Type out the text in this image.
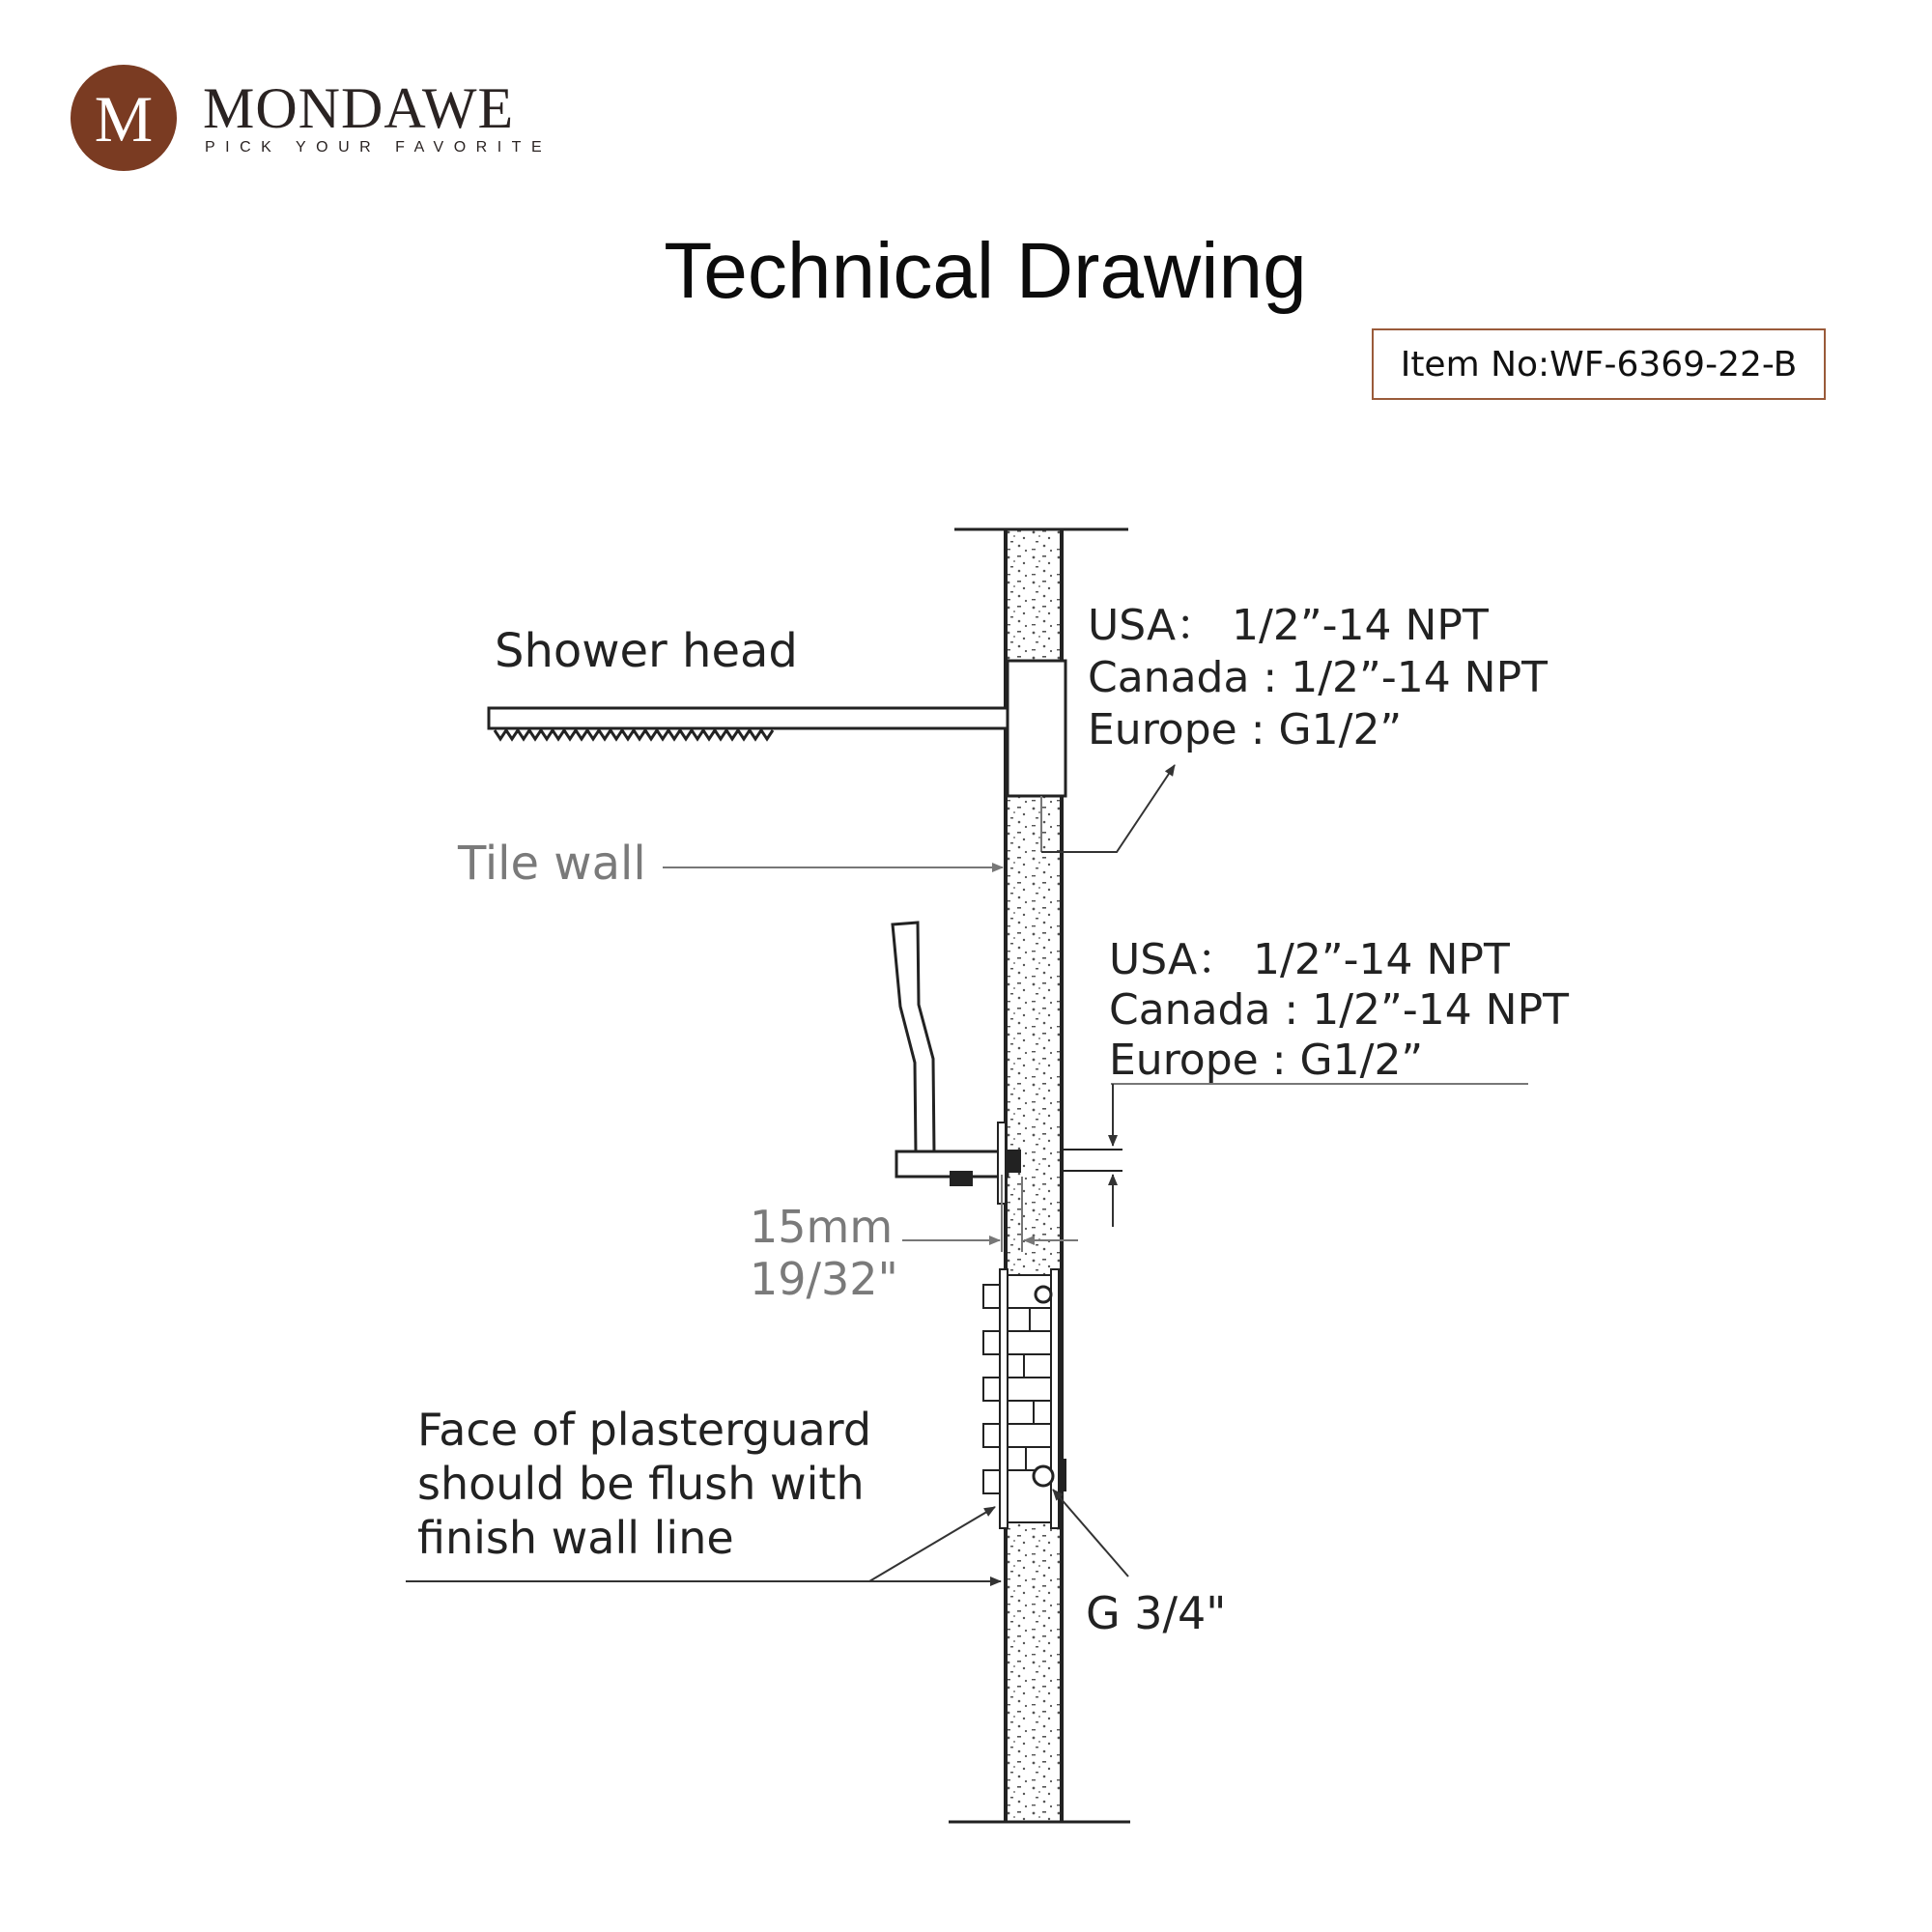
M MONDAWE
PICK YOUR FAVORITE
Technical Drawing
Item No:WF-6369-22-B
Shower head
Tile wall
USA： 1/2”-14 NPT
Canada : 1/2”-14 NPT
Europe : G1/2”
USA： 1/2”-14 NPT
Canada : 1/2”-14 NPT
Europe : G1/2”
15mm
19/32"
Face of plasterguard
should be flush with
finish wall line
G 3/4"
